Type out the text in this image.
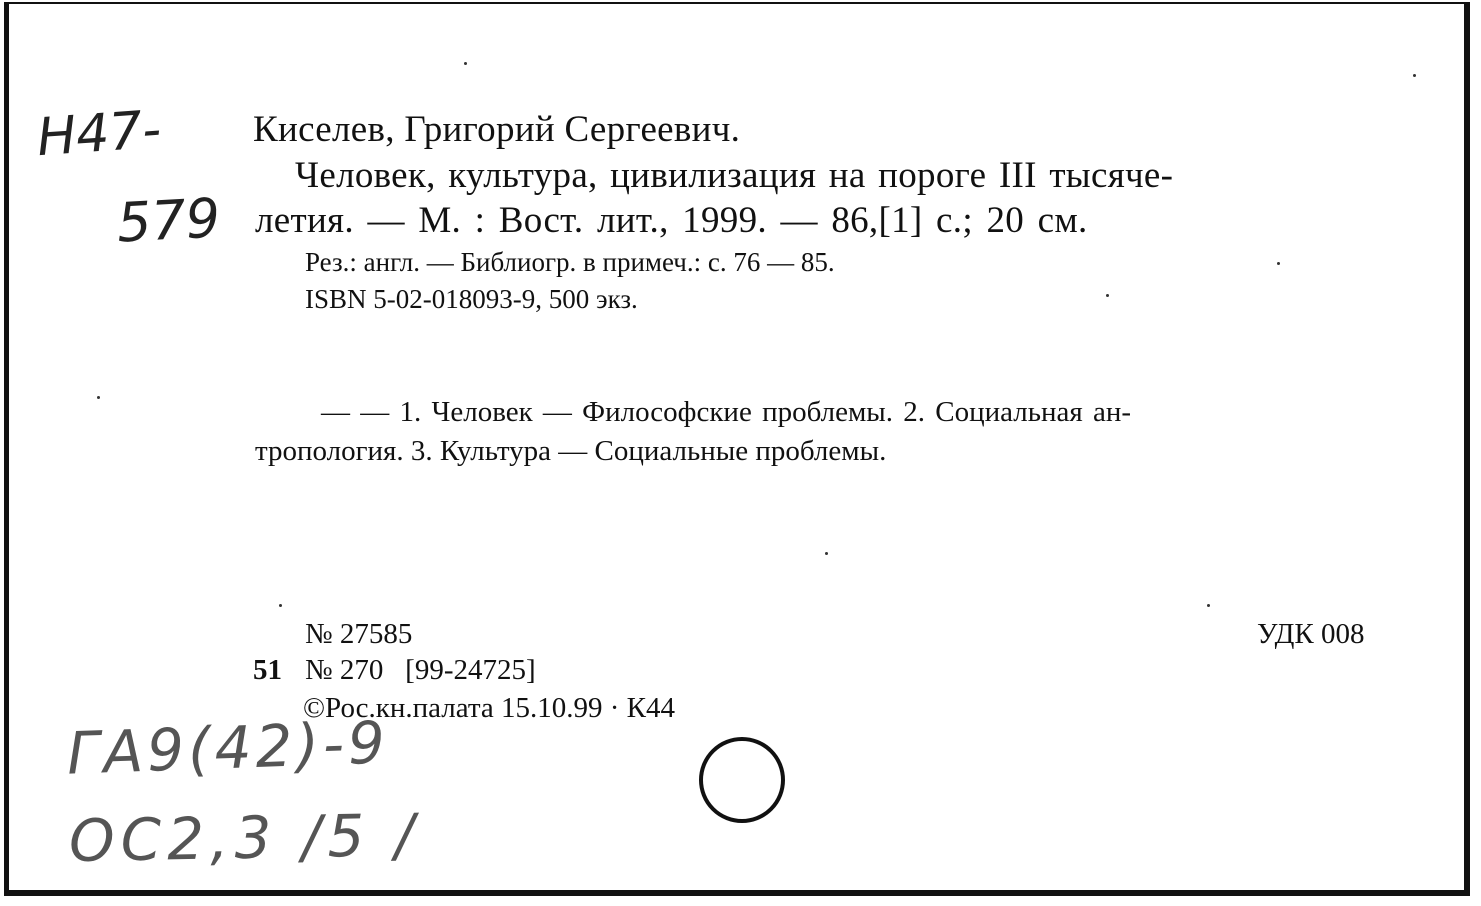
Н47-
579
Киселев, Григорий Сергеевич.
Человек, культура, цивилизация на пороге III тысяче-
летия. — М. : Вост. лит., 1999. — 86,[1] с.; 20 см.
Рез.: англ. — Библиогр. в примеч.: с. 76 — 85.
ISBN 5-02-018093-9, 500 экз.
— — 1. Человек — Философские проблемы. 2. Социальная ан-
тропология. 3. Культура — Социальные проблемы.
№ 27585	УДК 008
51 № 270   [99-24725]
©Рос.кн.палата 15.10.99 · К44
ГА9(42)-9
ОС2,3 /5 /
